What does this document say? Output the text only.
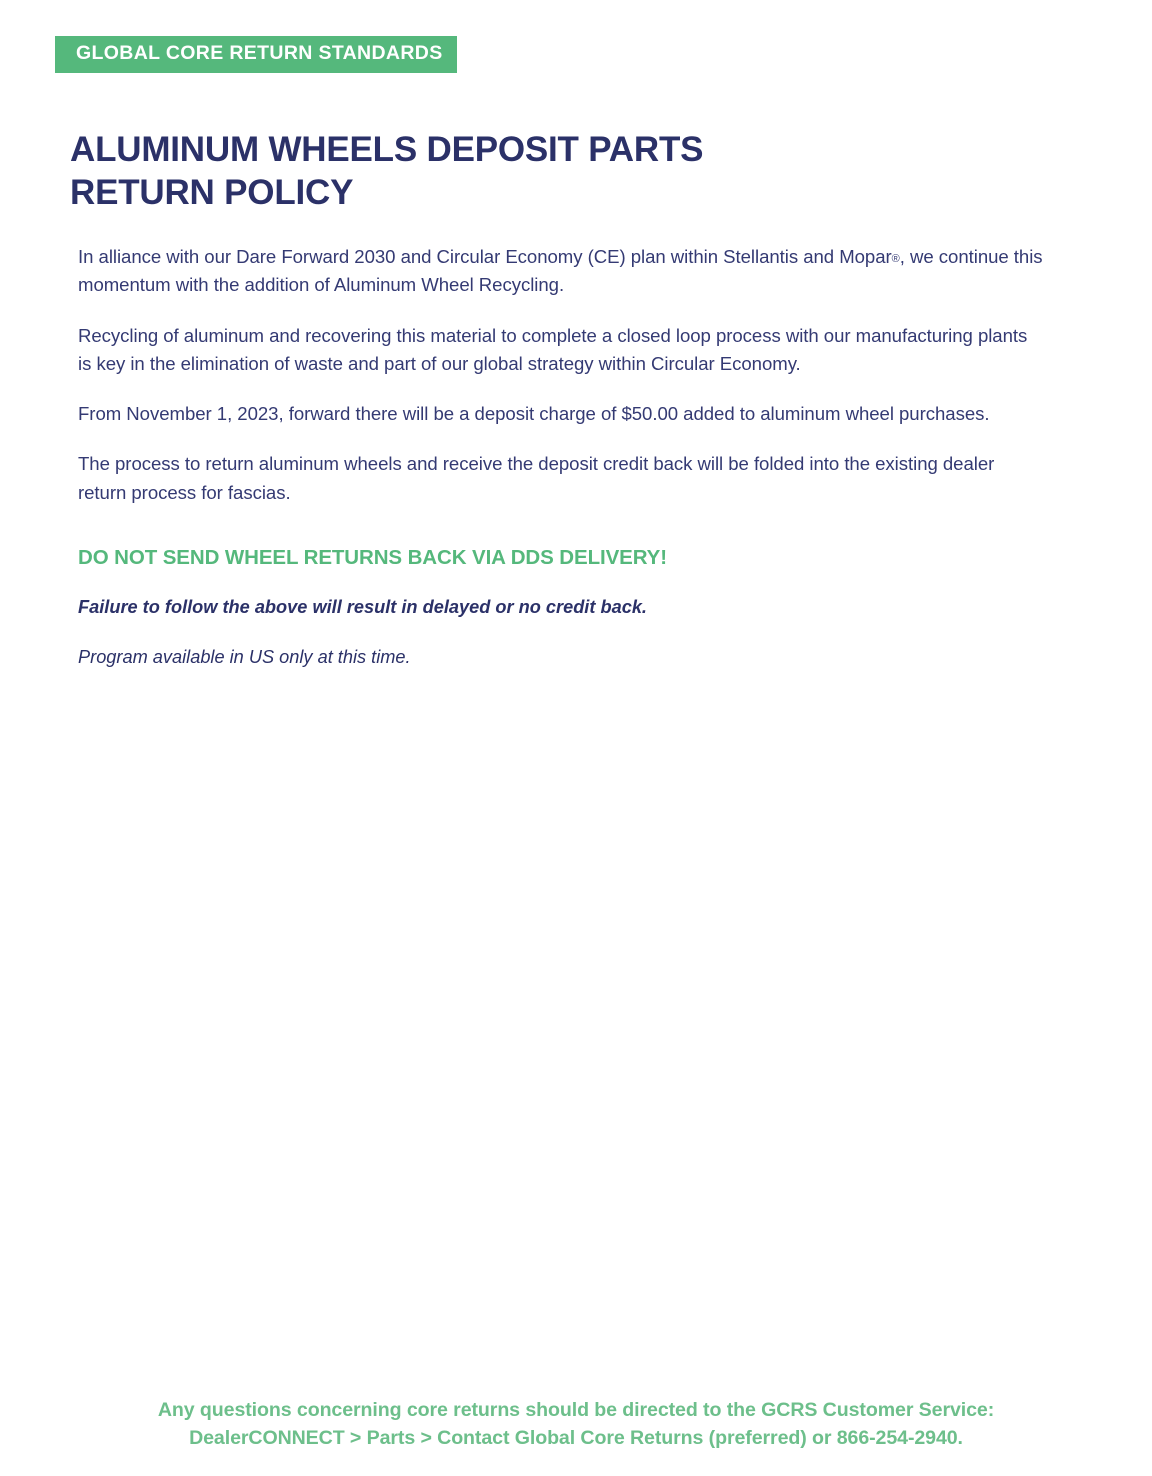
GLOBAL CORE RETURN STANDARDS
ALUMINUM WHEELS DEPOSIT PARTS
RETURN POLICY

In alliance with our Dare Forward 2030 and Circular Economy (CE) plan within Stellantis and Mopar®, we continue this momentum with the addition of Aluminum Wheel Recycling.

Recycling of aluminum and recovering this material to complete a closed loop process with our manufacturing plants is key in the elimination of waste and part of our global strategy within Circular Economy.

From November 1, 2023, forward there will be a deposit charge of $50.00 added to aluminum wheel purchases.

The process to return aluminum wheels and receive the deposit credit back will be folded into the existing dealer return process for fascias.

DO NOT SEND WHEEL RETURNS BACK VIA DDS DELIVERY!

Failure to follow the above will result in delayed or no credit back.

Program available in US only at this time.

Any questions concerning core returns should be directed to the GCRS Customer Service:
DealerCONNECT > Parts > Contact Global Core Returns (preferred) or 866-254-2940.
